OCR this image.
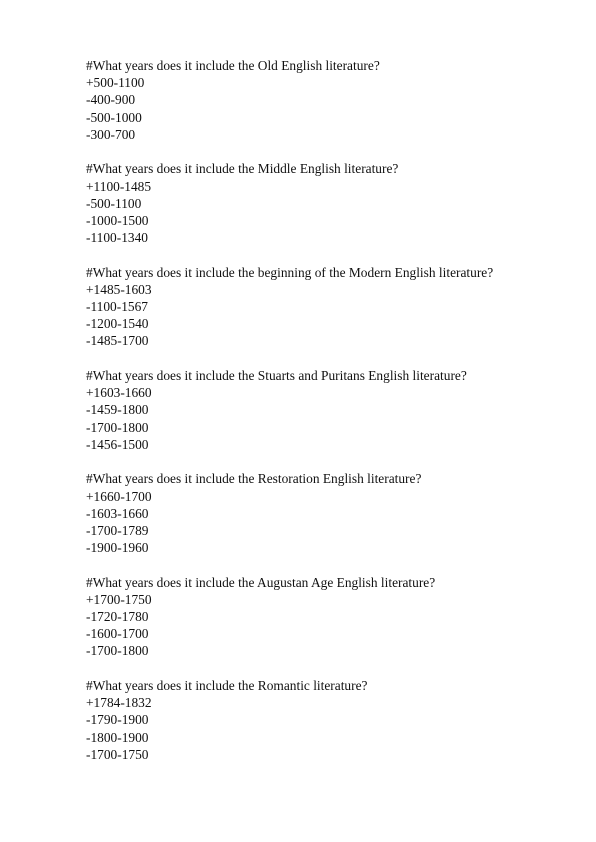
#What years does it include the Old English literature?
+500-1100
-400-900
-500-1000
-300-700
#What years does it include the Middle English literature?
+1100-1485
-500-1100
-1000-1500
-1100-1340
#What years does it include the beginning of the Modern English literature?
+1485-1603
-1100-1567
-1200-1540
-1485-1700
#What years does it include the Stuarts and Puritans English literature?
+1603-1660
-1459-1800
-1700-1800
-1456-1500
#What years does it include the Restoration English literature?
+1660-1700
-1603-1660
-1700-1789
-1900-1960
#What years does it include the Augustan Age English literature?
+1700-1750
-1720-1780
-1600-1700
-1700-1800
#What years does it include the Romantic literature?
+1784-1832
-1790-1900
-1800-1900
-1700-1750
